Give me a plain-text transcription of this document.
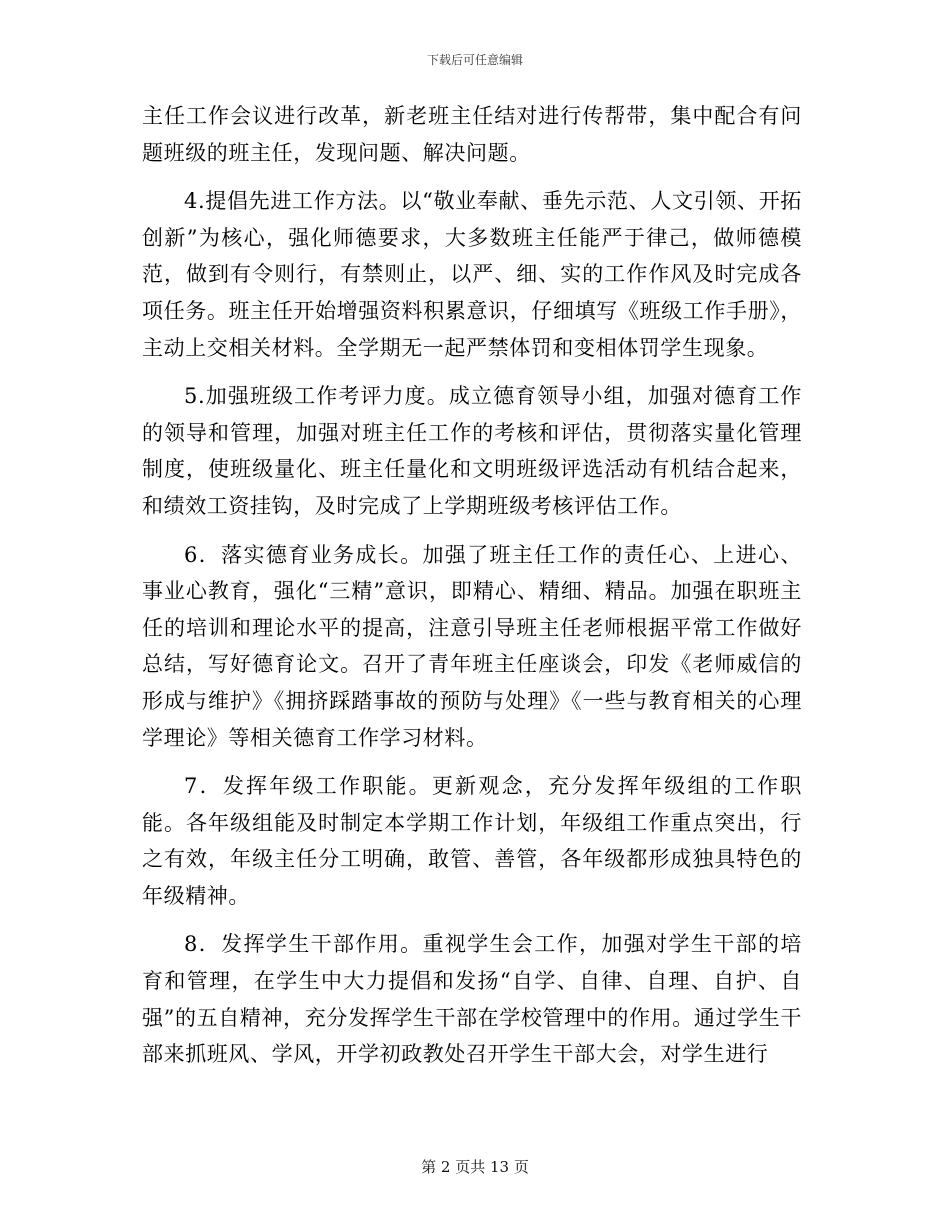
下载后可任意编辑

主任工作会议进行改革，新老班主任结对进行传帮带，集中配合有问题班级的班主任，发现问题、解决问题。

4.提倡先进工作方法。以“敬业奉献、垂先示范、人文引领、开拓创新”为核心，强化师德要求，大多数班主任能严于律己，做师德模范，做到有令则行，有禁则止，以严、细、实的工作作风及时完成各项任务。班主任开始增强资料积累意识，仔细填写《班级工作手册》，主动上交相关材料。全学期无一起严禁体罚和变相体罚学生现象。

5.加强班级工作考评力度。成立德育领导小组，加强对德育工作的领导和管理，加强对班主任工作的考核和评估，贯彻落实量化管理制度，使班级量化、班主任量化和文明班级评选活动有机结合起来，和绩效工资挂钩，及时完成了上学期班级考核评估工作。

6．落实德育业务成长。加强了班主任工作的责任心、上进心、事业心教育，强化“三精”意识，即精心、精细、精品。加强在职班主任的培训和理论水平的提高，注意引导班主任老师根据平常工作做好总结，写好德育论文。召开了青年班主任座谈会，印发《老师威信的形成与维护》《拥挤踩踏事故的预防与处理》《一些与教育相关的心理学理论》等相关德育工作学习材料。

7．发挥年级工作职能。更新观念，充分发挥年级组的工作职能。各年级组能及时制定本学期工作计划，年级组工作重点突出，行之有效，年级主任分工明确，敢管、善管，各年级都形成独具特色的年级精神。

8．发挥学生干部作用。重视学生会工作，加强对学生干部的培育和管理，在学生中大力提倡和发扬“自学、自律、自理、自护、自强”的五自精神，充分发挥学生干部在学校管理中的作用。通过学生干部来抓班风、学风，开学初政教处召开学生干部大会，对学生进行

第 2 页共 13 页
